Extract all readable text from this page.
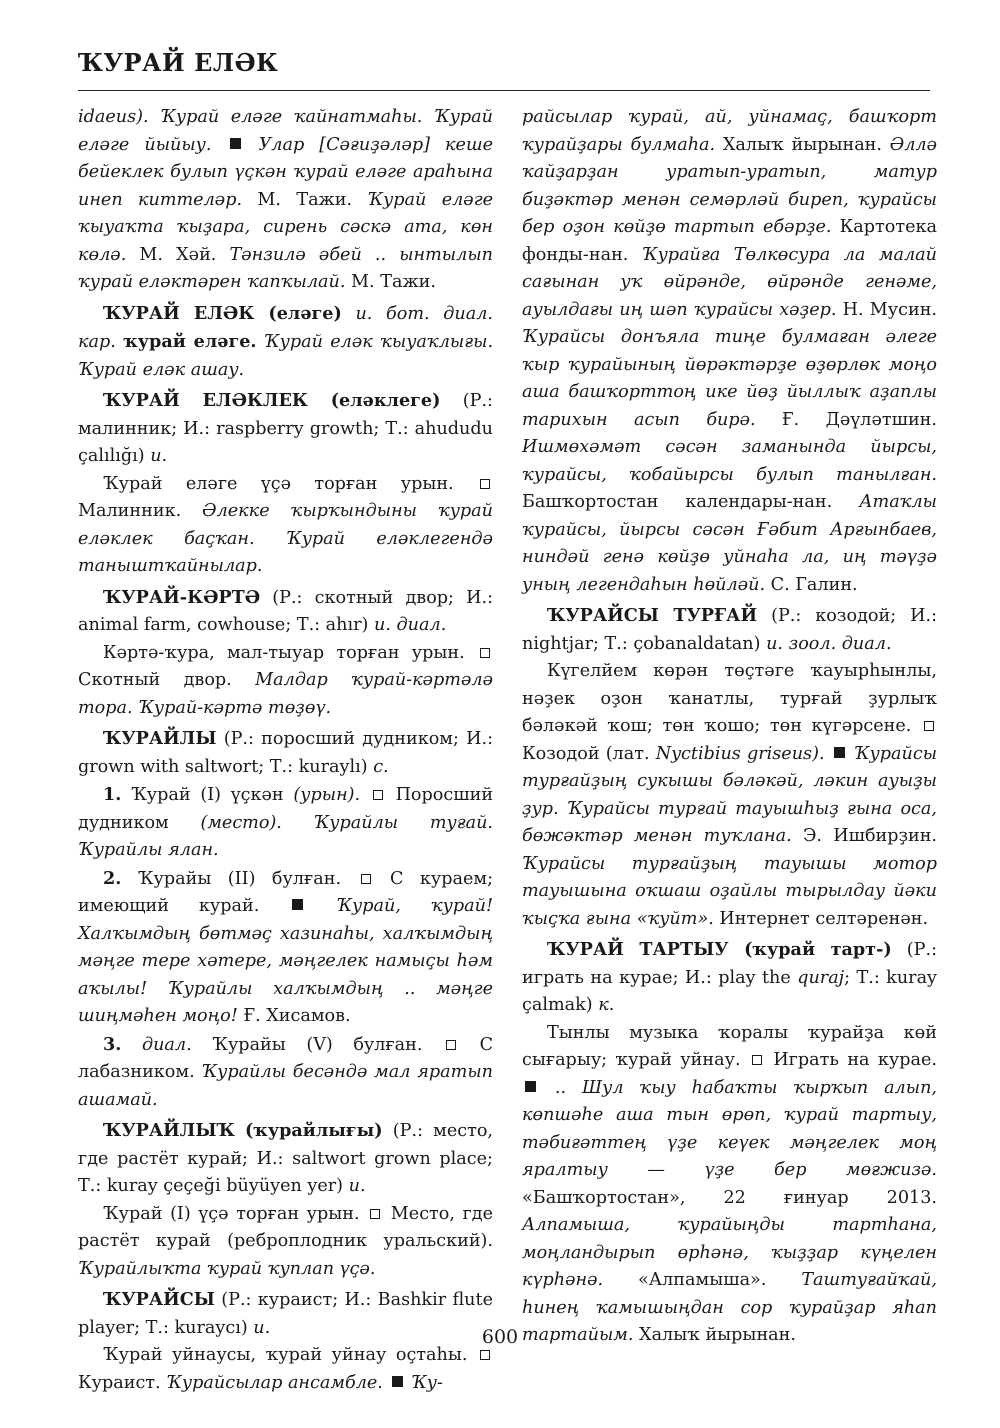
ҠУРАЙ ЕЛӘК

idaeus). Ҡурай еләге ҡайнатмаһы. Ҡурай еләге йыйыу.	Улар [Сәғиҙәләр] кеше бейеклек булып үҫкән ҡурай еләге араһына инеп киттеләр. М. Тажи. Ҡурай еләге ҡыуаҡта ҡыҙара, сирень сәскә ата, көн көлә. М. Хәй. Тәнзилә әбей .. ынтылып ҡурай еләктәрен ҡапҡылай. М. Тажи.

ҠУРАЙ ЕЛӘК (еләге) и. бот. диал. кар. ҡурай еләге. Ҡурай еләк ҡыуаҡлығы. Ҡурай еләк ашау.

ҠУРАЙ ЕЛӘКЛЕК (еләклеге) (Р.: малинник; И.: raspberry growth; Т.: ahududu çalılığı) и.

Ҡурай еләге үҫә торған урын.  Малинник. Әлекке ҡырҡындыны ҡурай еләклек баҫҡан. Ҡурай еләклегендә таныштҡайнылар.

ҠУРАЙ-КӘРТӘ (Р.: скотный двор; И.: animal farm, cowhouse; Т.: ahır) и. диал.

Кәртә-ҡура, мал-тыуар торған урын.  Скотный двор. Малдар ҡурай-кәртәлә тора. Ҡурай-кәртә төҙөү.

ҠУРАЙЛЫ (Р.: поросший дудником; И.: grown with saltwort; Т.: kuraylı) с.

1. Ҡурай (I) үҫкән (урын). Поросший дудником (место). Ҡурайлы туғай. Ҡурайлы ялан.

2. Ҡурайы (II) булған.	С кураем; имеющий курай.	Ҡурай, ҡурай! Халҡымдың бөтмәҫ хазинаһы, халҡымдың мәңге тере хәтере, мәңгелек намыҫы һәм аҡылы! Ҡурайлы халҡымдың .. мәңге шиңмәһен моңо! Ғ. Хисамов.

3. диал. Ҡурайы (V) булған.	С лабазником. Ҡурайлы бесәндә мал яратып ашамай.

ҠУРАЙЛЫҠ (ҡурайлығы) (Р.: место, где растёт курай; И.: saltwort grown place; Т.: kuray çeçeği büyüyen yer) и.

Ҡурай (I) үҫә торған урын. Место, где растёт курай (реброплодник уральский). Ҡурайлыҡта ҡурай ҡуплап үҫә.

ҠУРАЙСЫ (Р.: кураист; И.: Bashkir flute player; Т.: kuraycı) и.

Ҡурай уйнаусы, ҡурай уйнау оҫтаһы.  Кураист. Ҡурайсылар ансамбле. Ҡу-

райсылар ҡурай, ай, уйнамаҫ, башҡорт ҡурайҙары булмаһа. Халыҡ йырынан. Әллә ҡайҙарҙан уратып-уратып, матур биҙәктәр менән семәрләй биреп, ҡурайсы бер оҙон көйҙө тартып ебәрҙе. Картотека фонды-нан. Ҡурайға Төлкөсура ла малай сағынан уҡ өйрәнде, өйрәнде генәме, ауылдағы иң шәп ҡурайсы хәҙер. Н. Мусин. Ҡурайсы донъяла тиңе булмаған әлеге ҡыр ҡурайының йөрәктәрҙе өҙөрлөк моңо аша башҡорттоң ике йөҙ йыллыҡ аҙаплы тарихын асып бирә. Ғ. Дәүләтшин. Ишмөхәмәт сәсән заманында йырсы, ҡурайсы, ҡобайырсы булып танылған. Башҡортостан календары-нан. Атаҡлы ҡурайсы, йырсы сәсән Ғәбит Арғынбаев, ниндәй генә көйҙө уйнаһа ла, иң тәүҙә уның легендаһын һөйләй. С. Галин.

ҠУРАЙСЫ ТУРҒАЙ (Р.: козодой; И.: nightjar; Т.: çobanaldatan) и. зоол. диал.

Күгелйем көрән төҫтәге ҡауырһынлы, нәҙек оҙон ҡанатлы, турғай ҙурлыҡ бәләкәй ҡош; төн ҡошо; төн күгәрсене.  Козодой (лат. Nyctibius griseus). Ҡурайсы турғайҙың сукышы бәләкәй, ләкин ауыҙы ҙур. Ҡурайсы турғай тауышһыҙ ғына оса, бөжәктәр менән туҡлана. Э. Ишбирҙин. Ҡурайсы турғайҙың тауышы мотор тауышына оҡшаш оҙайлы тырылдау йәки ҡыҫҡа ғына «ҡуйт». Интернет селтәренән.

ҠУРАЙ ТАРТЫУ (ҡурай тарт-) (Р.: играть на курае; И.: play the quraj; Т.: kuray çalmak) к.

Тынлы музыка ҡоралы ҡурайҙа көй сығарыу; ҡурай уйнау. Играть на курае.  .. Шул ҡыу һабаҡты ҡырҡып алып, көпшәһе аша тын өрөп, ҡурай тартыу, тәбиғәттең үҙе кеүек мәңгелек моң яралтыу — үҙе бер мөғжизә. «Башҡортостан», 22 ғинуар 2013. Алпамыша, ҡурайыңды тартһана, моңландырып өрһәнә, ҡыҙҙар күңелен күрһәнә. «Алпамыша». Таштуғайҡай, һинең ҡамышыңдан сор ҡурайҙар яһап тартайым. Халыҡ йырынан.

600
